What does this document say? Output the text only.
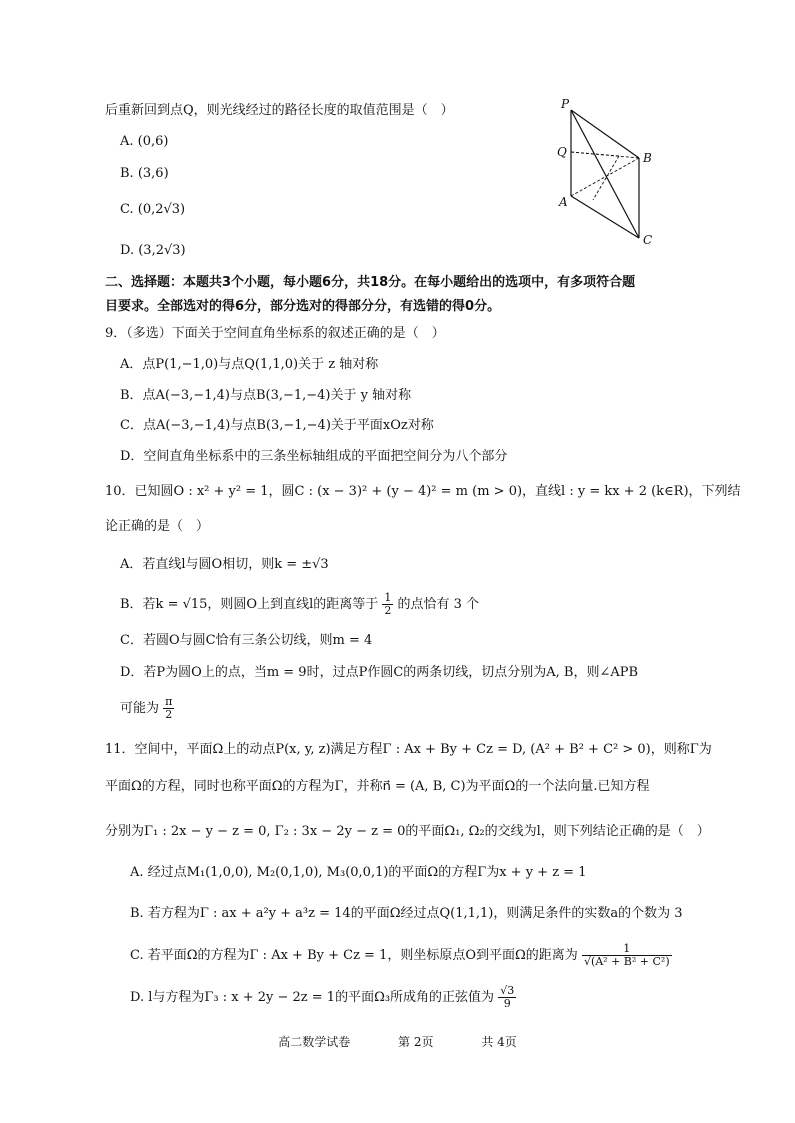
后重新回到点Q，则光线经过的路径长度的取值范围是（　）
A. (0,6)
B. (3,6)
C. (0,2√3)
D. (3,2√3)
P
Q	B
A
C
二、选择题：本题共3个小题，每小题6分，共18分。在每小题给出的选项中，有多项符合题
目要求。全部选对的得6分，部分选对的得部分分，有选错的得0分。
9．（多选）下面关于空间直角坐标系的叙述正确的是（　）
A．点P(1,−1,0)与点Q(1,1,0)关于 z 轴对称
B．点A(−3,−1,4)与点B(3,−1,−4)关于 y 轴对称
C．点A(−3,−1,4)与点B(3,−1,−4)关于平面xOz对称
D．空间直角坐标系中的三条坐标轴组成的平面把空间分为八个部分
10．已知圆O : x² + y² = 1，圆C : (x − 3)² + (y − 4)² = m (m > 0)，直线l : y = kx + 2 (k∈R)，下列结
论正确的是（　）
A．若直线l与圆O相切，则k = ±√3
B．若k = √15，则圆O上到直线l的距离等于 $\frac{1}{2}$ 的点恰有 3 个
C．若圆O与圆C恰有三条公切线，则m = 4
D．若P为圆O上的点，当m = 9时，过点P作圆C的两条切线，切点分别为A, B，则∠APB
可能为 $\frac{\pi}{2}$
11．空间中，平面Ω上的动点P(x, y, z)满足方程Γ : Ax + By + Cz = D, (A² + B² + C² > 0)，则称Γ为
平面Ω的方程，同时也称平面Ω的方程为Γ，并称n⃗ = (A, B, C)为平面Ω的一个法向量.已知方程
分别为Γ₁ : 2x − y − z = 0, Γ₂ : 3x − 2y − z = 0的平面Ω₁, Ω₂的交线为l，则下列结论正确的是（　）
A. 经过点M₁(1,0,0), M₂(0,1,0), M₃(0,0,1)的平面Ω的方程Γ为x + y + z = 1
B. 若方程为Γ : ax + a²y + a³z = 14的平面Ω经过点Q(1,1,1)，则满足条件的实数a的个数为 3
C. 若平面Ω的方程为Γ : Ax + By + Cz = 1，则坐标原点O到平面Ω的距离为 $\frac{1}{\text{√(A² + B² + C²)}}$
D. l与方程为Γ₃ : x + 2y − 2z = 1的平面Ω₃所成角的正弦值为 $\frac{√3}{9}$
高二数学试卷	第 2页	共 4页
